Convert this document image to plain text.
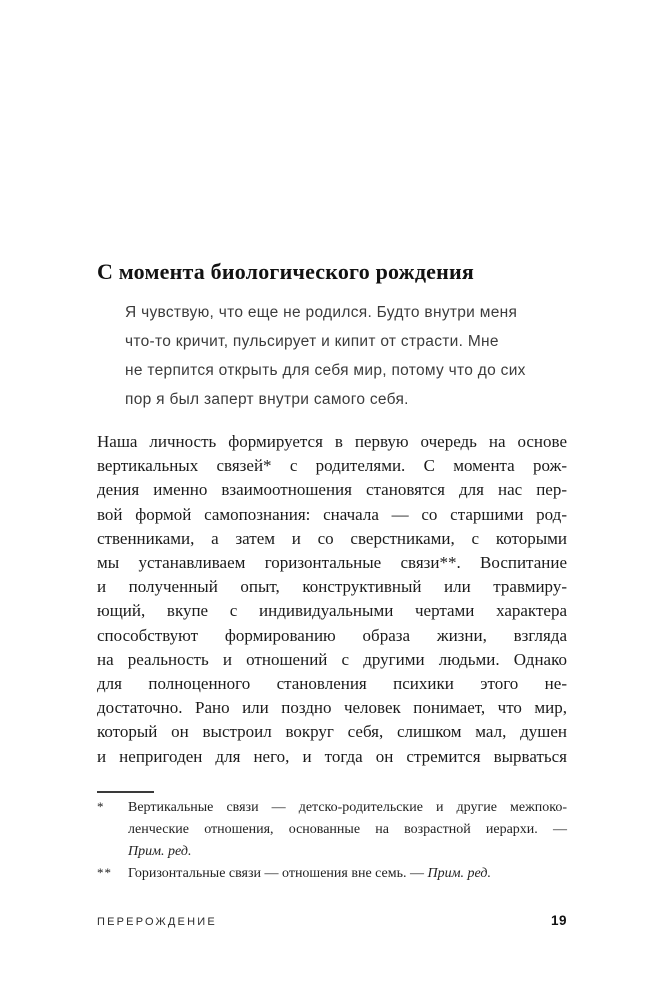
С момента биологического рождения
Я чувствую, что еще не родился. Будто внутри меня
что-то кричит, пульсирует и кипит от страсти. Мне
не терпится открыть для себя мир, потому что до сих
пор я был заперт внутри самого себя.
Наша личность формируется в первую очередь на основе
вертикальных связей* с родителями. С момента рож-
дения именно взаимоотношения становятся для нас пер-
вой формой самопознания: сначала — со старшими род-
ственниками, а затем и со сверстниками, с которыми
мы устанавливаем горизонтальные связи**. Воспитание
и полученный опыт, конструктивный или травмиру-
ющий, вкупе с индивидуальными чертами характера
способствуют формированию образа жизни, взгляда
на реальность и отношений с другими людьми. Однако
для полноценного становления психики этого не-
достаточно. Рано или поздно человек понимает, что мир,
который он выстроил вокруг себя, слишком мал, душен
и непригоден для него, и тогда он стремится вырваться
*	Вертикальные связи — детско-родительские и другие межпоко-
ленческие отношения, основанные на возрастной иерархи. —
Прим. ред.
**	Горизонтальные связи — отношения вне семь. — Прим. ред.
ПЕРЕРОЖДЕНИЕ	19
